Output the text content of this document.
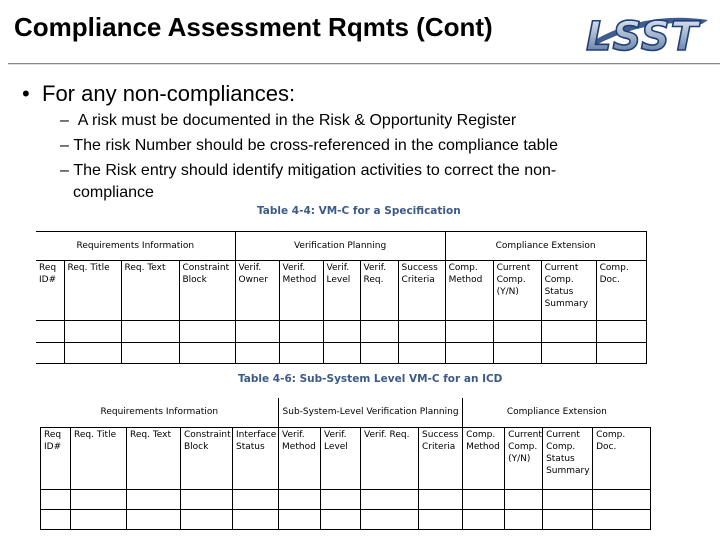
Compliance Assessment Rqmts (Cont) LSST
• For any non-compliances:
–  A risk must be documented in the Risk & Opportunity Register
– The risk Number should be cross-referenced in the compliance table
– The Risk entry should identify mitigation activities to correct the non-
compliance
Table 4-4: VM-C for a Specification
Requirements Information				Verification Planning					Compliance Extension			
Req ID#	Req. Title	Req. Text	Constraint Block	Verif. Owner	Verif. Method	Verif. Level	Verif. Req.	Success Criteria	Comp. Method	Current Comp. (Y/N)	Current Comp. Status Summary	Comp. Doc.

Table 4-6: Sub-System Level VM-C for an ICD
Requirements Information					Sub-System-Level Verification Planning				Compliance Extension			
Req ID#	Req. Title	Req. Text	Constraint Block	Interface Status	Verif. Method	Verif. Level	Verif. Req.	Success Criteria	Comp. Method	Current Comp. (Y/N)	Current Comp. Status Summary	Comp. Doc.
